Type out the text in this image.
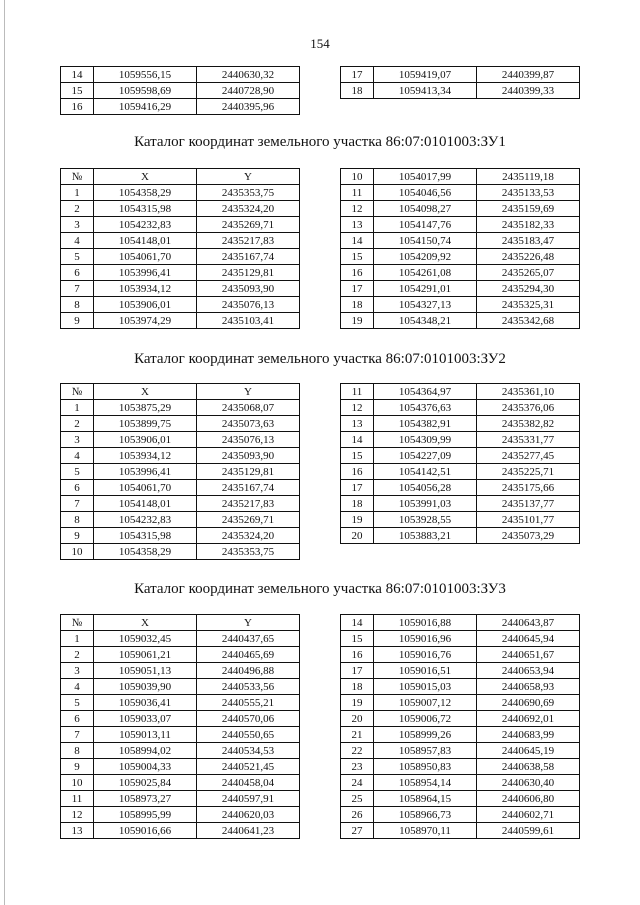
154
14	1059556,15	2440630,32
15	1059598,69	2440728,90
16	1059416,29	2440395,96
17	1059419,07	2440399,87
18	1059413,34	2440399,33
Каталог координат земельного участка 86:07:0101003:ЗУ1
№	X	Y
1	1054358,29	2435353,75
2	1054315,98	2435324,20
3	1054232,83	2435269,71
4	1054148,01	2435217,83
5	1054061,70	2435167,74
6	1053996,41	2435129,81
7	1053934,12	2435093,90
8	1053906,01	2435076,13
9	1053974,29	2435103,41
10	1054017,99	2435119,18
11	1054046,56	2435133,53
12	1054098,27	2435159,69
13	1054147,76	2435182,33
14	1054150,74	2435183,47
15	1054209,92	2435226,48
16	1054261,08	2435265,07
17	1054291,01	2435294,30
18	1054327,13	2435325,31
19	1054348,21	2435342,68
Каталог координат земельного участка 86:07:0101003:ЗУ2
№	X	Y
1	1053875,29	2435068,07
2	1053899,75	2435073,63
3	1053906,01	2435076,13
4	1053934,12	2435093,90
5	1053996,41	2435129,81
6	1054061,70	2435167,74
7	1054148,01	2435217,83
8	1054232,83	2435269,71
9	1054315,98	2435324,20
10	1054358,29	2435353,75
11	1054364,97	2435361,10
12	1054376,63	2435376,06
13	1054382,91	2435382,82
14	1054309,99	2435331,77
15	1054227,09	2435277,45
16	1054142,51	2435225,71
17	1054056,28	2435175,66
18	1053991,03	2435137,77
19	1053928,55	2435101,77
20	1053883,21	2435073,29
Каталог координат земельного участка 86:07:0101003:ЗУ3
№	X	Y
1	1059032,45	2440437,65
2	1059061,21	2440465,69
3	1059051,13	2440496,88
4	1059039,90	2440533,56
5	1059036,41	2440555,21
6	1059033,07	2440570,06
7	1059013,11	2440550,65
8	1058994,02	2440534,53
9	1059004,33	2440521,45
10	1059025,84	2440458,04
11	1058973,27	2440597,91
12	1058995,99	2440620,03
13	1059016,66	2440641,23
14	1059016,88	2440643,87
15	1059016,96	2440645,94
16	1059016,76	2440651,67
17	1059016,51	2440653,94
18	1059015,03	2440658,93
19	1059007,12	2440690,69
20	1059006,72	2440692,01
21	1058999,26	2440683,99
22	1058957,83	2440645,19
23	1058950,83	2440638,58
24	1058954,14	2440630,40
25	1058964,15	2440606,80
26	1058966,73	2440602,71
27	1058970,11	2440599,61
